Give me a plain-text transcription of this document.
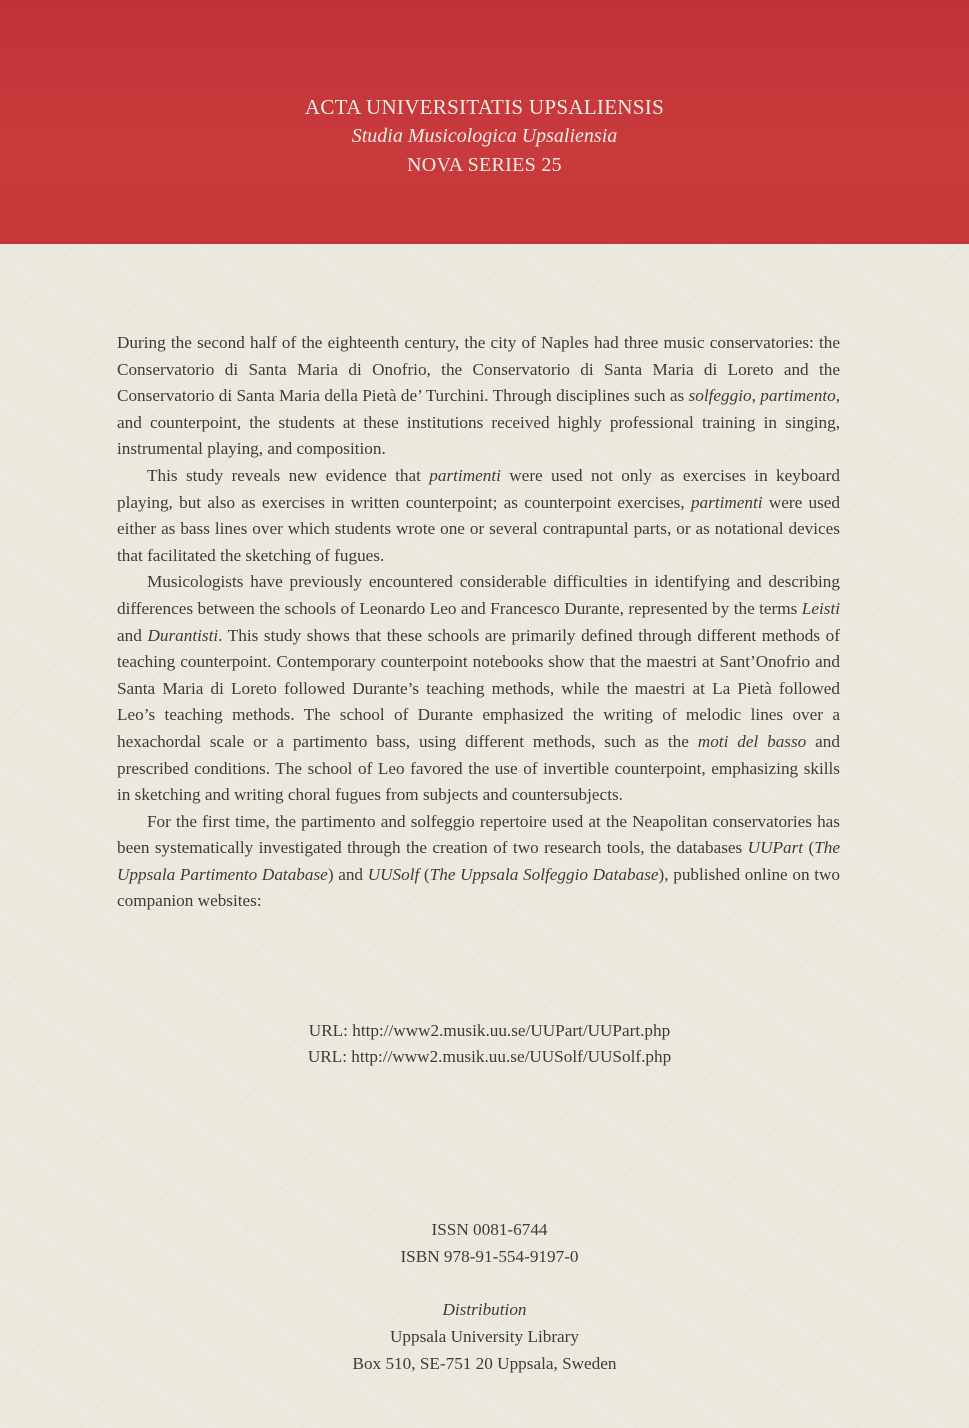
ACTA UNIVERSITATIS UPSALIENSIS
Studia Musicologica Upsaliensia
NOVA SERIES 25

During the second half of the eighteenth century, the city of Naples had three music conservatories: the Conservatorio di Santa Maria di Onofrio, the Conservatorio di Santa Maria di Loreto and the Conservatorio di Santa Maria della Pietà de’ Turchini. Through disciplines such as solfeggio, partimento, and counterpoint, the students at these institutions received highly professional training in singing, instrumental playing, and composition.

This study reveals new evidence that partimenti were used not only as exercises in keyboard playing, but also as exercises in written counterpoint; as counterpoint exercises, partimenti were used either as bass lines over which students wrote one or several contrapuntal parts, or as notational devices that facilitated the sketching of fugues.

Musicologists have previously encountered considerable difficulties in identifying and describing differences between the schools of Leonardo Leo and Francesco Durante, represented by the terms Leisti and Durantisti. This study shows that these schools are primarily defined through different methods of teaching counterpoint. Contemporary counterpoint notebooks show that the maestri at Sant’Onofrio and Santa Maria di Loreto followed Durante’s teaching methods, while the maestri at La Pietà followed Leo’s teaching methods. The school of Durante emphasized the writing of melodic lines over a hexachordal scale or a partimento bass, using different methods, such as the moti del basso and prescribed conditions. The school of Leo favored the use of invertible counterpoint, emphasizing skills in sketching and writing choral fugues from subjects and countersubjects.

For the first time, the partimento and solfeggio repertoire used at the Neapolitan conservatories has been systematically investigated through the creation of two research tools, the databases UUPart (The Uppsala Partimento Database) and UUSolf (The Uppsala Solfeggio Database), published online on two companion websites:

URL: http://www2.musik.uu.se/UUPart/UUPart.php
URL: http://www2.musik.uu.se/UUSolf/UUSolf.php
ISSN 0081-6744
ISBN 978-91-554-9197-0
Distribution
Uppsala University Library
Box 510, SE-751 20 Uppsala, Sweden
